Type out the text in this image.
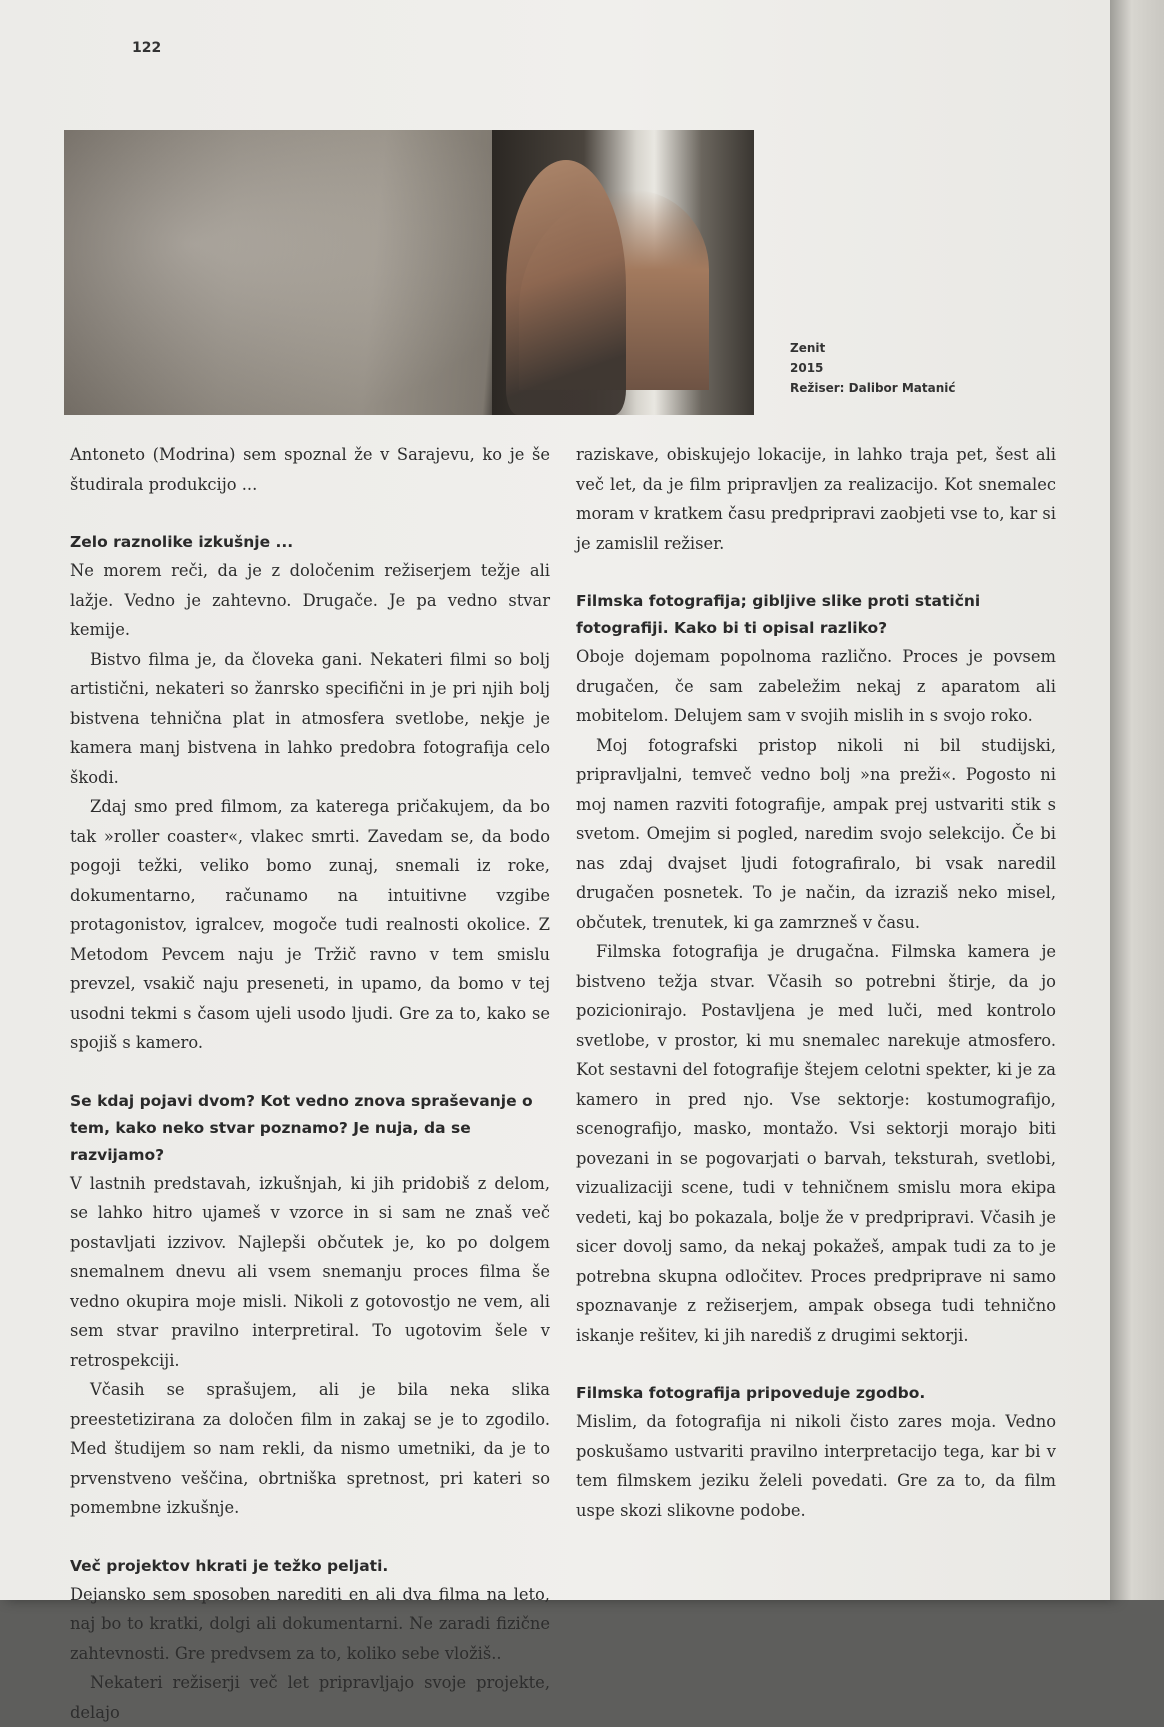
122
Zenit
2015
Režiser: Dalibor Matanić

Antoneto (Modrina) sem spoznal že v Sarajevu, ko je še študirala produkcijo ...

Zelo raznolike izkušnje ...

Ne morem reči, da je z določenim režiserjem težje ali lažje. Vedno je zahtevno. Drugače. Je pa vedno stvar kemije.

Bistvo filma je, da človeka gani. Nekateri filmi so bolj artistični, nekateri so žanrsko specifični in je pri njih bolj bistvena tehnična plat in atmosfera svetlobe, nekje je kamera manj bistvena in lahko predobra fotografija celo škodi.

Zdaj smo pred filmom, za katerega pričakujem, da bo tak »roller coaster«, vlakec smrti. Zavedam se, da bodo pogoji težki, veliko bomo zunaj, snemali iz roke, dokumentarno, računamo na intuitivne vzgibe protagonistov, igralcev, mogoče tudi realnosti okolice. Z Metodom Pevcem naju je Tržič ravno v tem smislu prevzel, vsakič naju preseneti, in upamo, da bomo v tej usodni tekmi s časom ujeli usodo ljudi. Gre za to, kako se spojiš s kamero.

Se kdaj pojavi dvom? Kot vedno znova spraševanje o tem, kako neko stvar poznamo? Je nuja, da se razvijamo?

V lastnih predstavah, izkušnjah, ki jih pridobiš z delom, se lahko hitro ujameš v vzorce in si sam ne znaš več postavljati izzivov. Najlepši občutek je, ko po dolgem snemalnem dnevu ali vsem snemanju proces filma še vedno okupira moje misli. Nikoli z gotovostjo ne vem, ali sem stvar pravilno interpretiral. To ugotovim šele v retrospekciji.

Včasih se sprašujem, ali je bila neka slika preestetizirana za določen film in zakaj se je to zgodilo. Med študijem so nam rekli, da nismo umetniki, da je to prvenstveno veščina, obrtniška spretnost, pri kateri so pomembne izkušnje.

Več projektov hkrati je težko peljati.

Dejansko sem sposoben narediti en ali dva filma na leto, naj bo to kratki, dolgi ali dokumentarni. Ne zaradi fizične zahtevnosti. Gre predvsem za to, koliko sebe vložiš..

Nekateri režiserji več let pripravljajo svoje projekte, delajo

raziskave, obiskujejo lokacije, in lahko traja pet, šest ali več let, da je film pripravljen za realizacijo. Kot snemalec moram v kratkem času predpripravi zaobjeti vse to, kar si je zamislil režiser.

Filmska fotografija; gibljive slike proti statični fotografiji. Kako bi ti opisal razliko?

Oboje dojemam popolnoma različno. Proces je povsem drugačen, če sam zabeležim nekaj z aparatom ali mobitelom. Delujem sam v svojih mislih in s svojo roko.

Moj fotografski pristop nikoli ni bil studijski, pripravljalni, temveč vedno bolj »na preži«. Pogosto ni moj namen razviti fotografije, ampak prej ustvariti stik s svetom. Omejim si pogled, naredim svojo selekcijo. Če bi nas zdaj dvajset ljudi fotografiralo, bi vsak naredil drugačen posnetek. To je način, da izraziš neko misel, občutek, trenutek, ki ga zamrzneš v času.

Filmska fotografija je drugačna. Filmska kamera je bistveno težja stvar. Včasih so potrebni štirje, da jo pozicionirajo. Postavljena je med luči, med kontrolo svetlobe, v prostor, ki mu snemalec narekuje atmosfero. Kot sestavni del fotografije štejem celotni spekter, ki je za kamero in pred njo. Vse sektorje: kostumografijo, scenografijo, masko, montažo. Vsi sektorji morajo biti povezani in se pogovarjati o barvah, teksturah, svetlobi, vizualizaciji scene, tudi v tehničnem smislu mora ekipa vedeti, kaj bo pokazala, bolje že v predpripravi. Včasih je sicer dovolj samo, da nekaj pokažeš, ampak tudi za to je potrebna skupna odločitev. Proces predpriprave ni samo spoznavanje z režiserjem, ampak obsega tudi tehnično iskanje rešitev, ki jih narediš z drugimi sektorji.

Filmska fotografija pripoveduje zgodbo.

Mislim, da fotografija ni nikoli čisto zares moja. Vedno poskušamo ustvariti pravilno interpretacijo tega, kar bi v tem filmskem jeziku želeli povedati. Gre za to, da film uspe skozi slikovne podobe.
